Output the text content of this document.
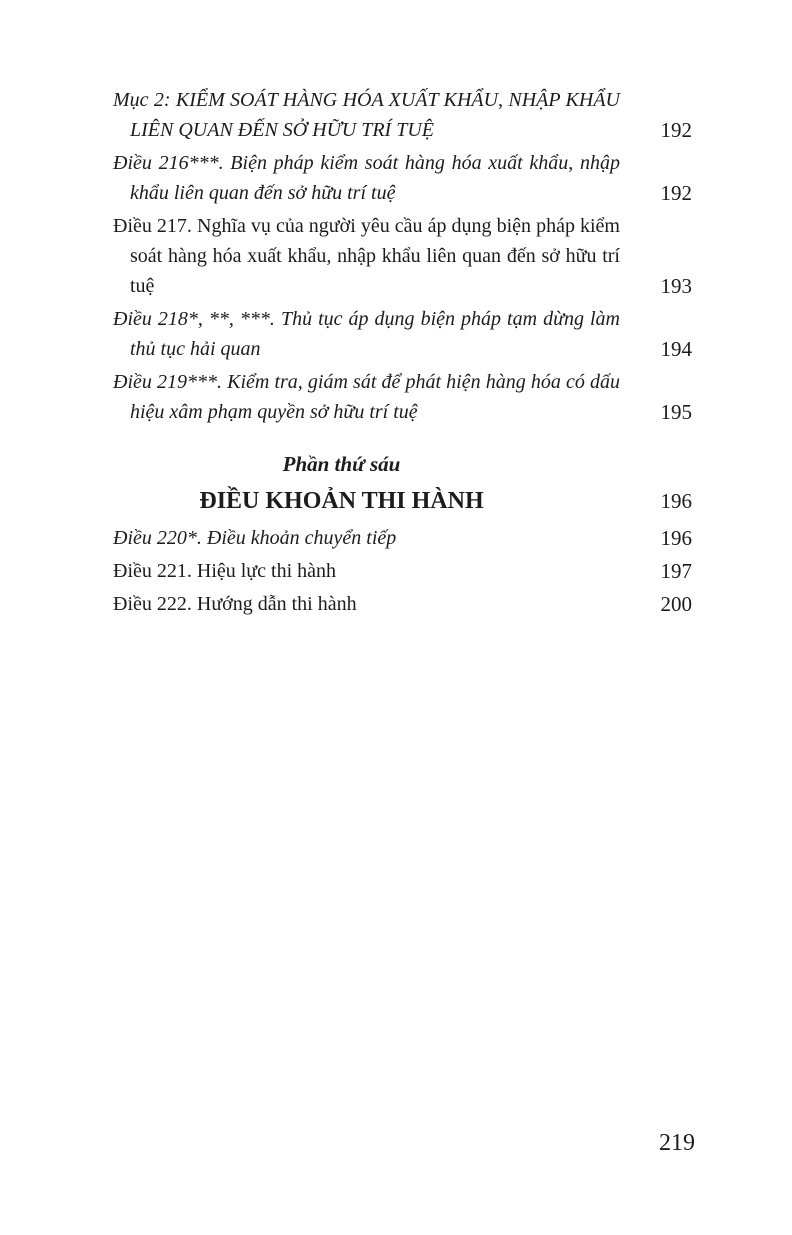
Mục 2: KIỂM SOÁT HÀNG HÓA XUẤT KHẨU, NHẬP KHẨU LIÊN QUAN ĐẾN SỞ HỮU TRÍ TUỆ	192
Điều 216***. Biện pháp kiểm soát hàng hóa xuất khẩu, nhập khẩu liên quan đến sở hữu trí tuệ	192
Điều 217. Nghĩa vụ của người yêu cầu áp dụng biện pháp kiểm soát hàng hóa xuất khẩu, nhập khẩu liên quan đến sở hữu trí tuệ	193
Điều 218*, **, ***. Thủ tục áp dụng biện pháp tạm dừng làm thủ tục hải quan	194
Điều 219***. Kiểm tra, giám sát để phát hiện hàng hóa có dấu hiệu xâm phạm quyền sở hữu trí tuệ	195
Phần thứ sáu
ĐIỀU KHOẢN THI HÀNH	196
Điều 220*. Điều khoản chuyển tiếp	196
Điều 221. Hiệu lực thi hành	197
Điều 222. Hướng dẫn thi hành	200
219
